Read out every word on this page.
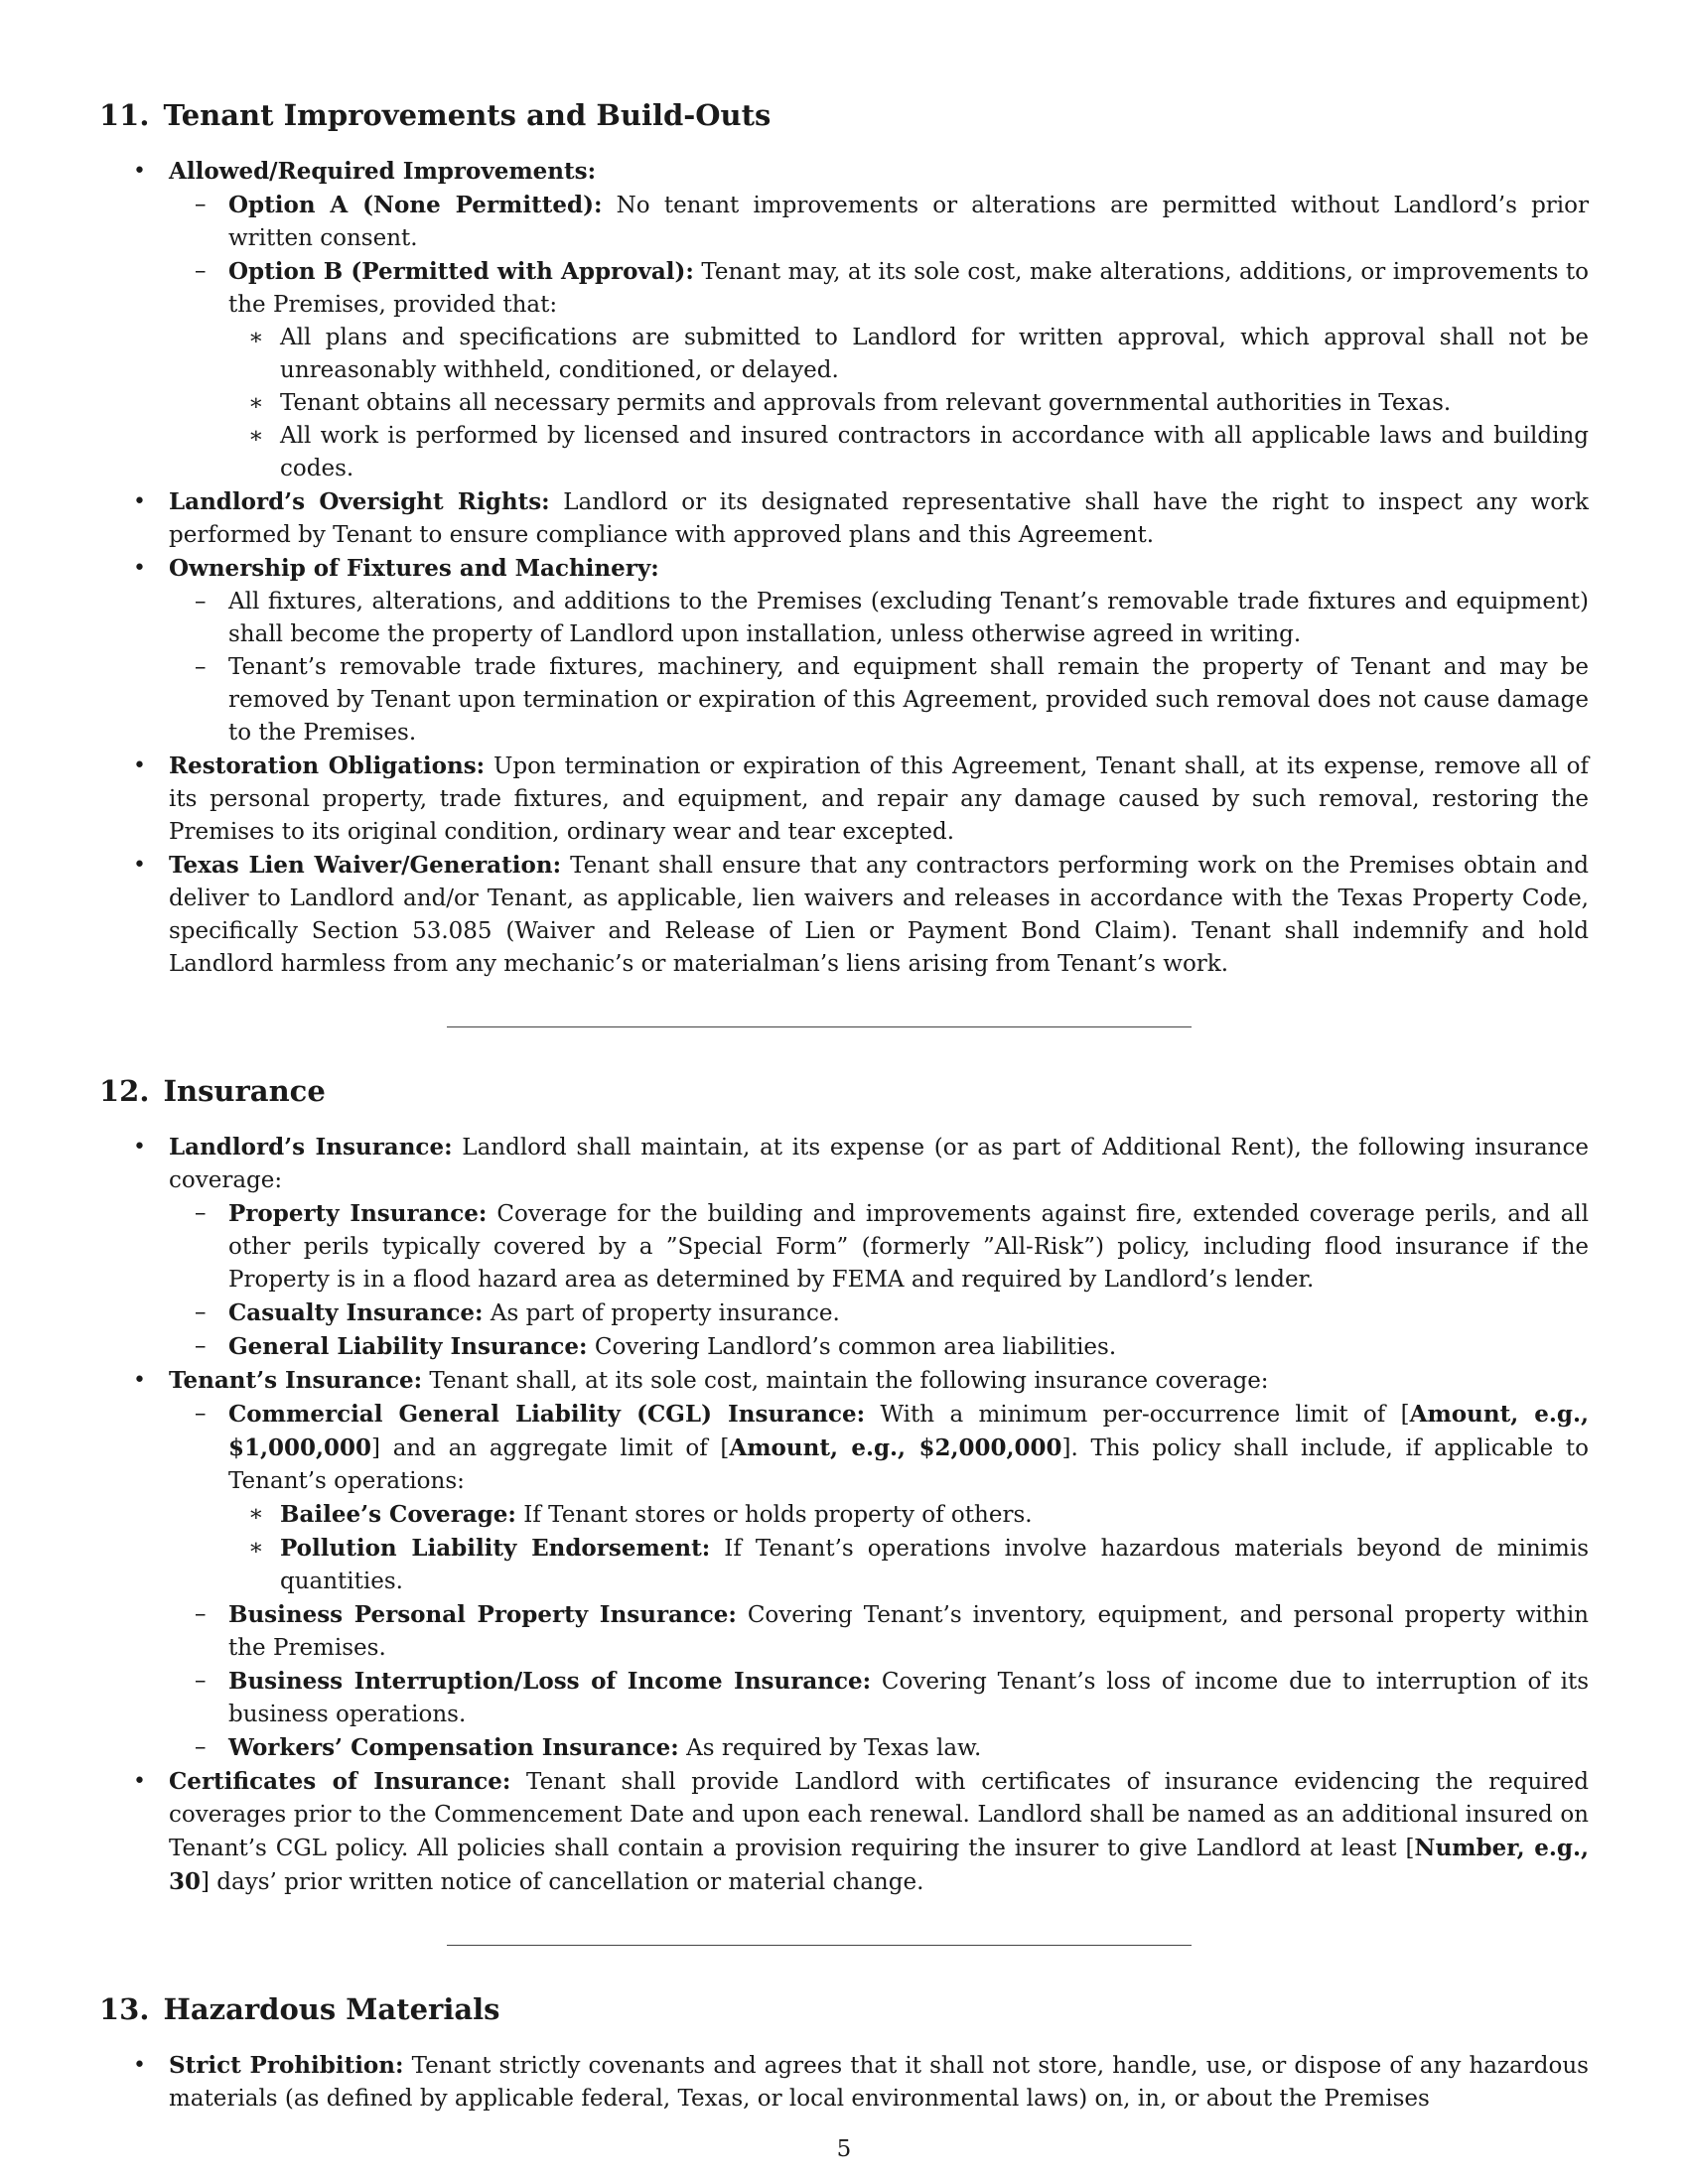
11. Tenant Improvements and Build-Outs
• Allowed/Required Improvements:

– Option A (None Permitted): No tenant improvements or alterations are permitted without Landlord’s prior written consent.

– Option B (Permitted with Approval): Tenant may, at its sole cost, make alterations, additions, or improvements to the Premises, provided that:

∗ All plans and specifications are submitted to Landlord for written approval, which approval shall not be unreasonably withheld, conditioned, or delayed.

∗ Tenant obtains all necessary permits and approvals from relevant governmental authorities in Texas.

∗ All work is performed by licensed and insured contractors in accordance with all applicable laws and building codes.

• Landlord’s Oversight Rights: Landlord or its designated representative shall have the right to inspect any work performed by Tenant to ensure compliance with approved plans and this Agreement.

• Ownership of Fixtures and Machinery:

– All fixtures, alterations, and additions to the Premises (excluding Tenant’s removable trade fixtures and equipment) shall become the property of Landlord upon installation, unless otherwise agreed in writing.

– Tenant’s removable trade fixtures, machinery, and equipment shall remain the property of Tenant and may be removed by Tenant upon termination or expiration of this Agreement, provided such removal does not cause damage to the Premises.

• Restoration Obligations: Upon termination or expiration of this Agreement, Tenant shall, at its expense, remove all of its personal property, trade fixtures, and equipment, and repair any damage caused by such removal, restoring the Premises to its original condition, ordinary wear and tear excepted.

• Texas Lien Waiver/Generation: Tenant shall ensure that any contractors performing work on the Premises obtain and deliver to Landlord and/or Tenant, as applicable, lien waivers and releases in accordance with the Texas Property Code, specifically Section 53.085 (Waiver and Release of Lien or Payment Bond Claim). Tenant shall indemnify and hold Landlord harmless from any mechanic’s or materialman’s liens arising from Tenant’s work.

12. Insurance
• Landlord’s Insurance: Landlord shall maintain, at its expense (or as part of Additional Rent), the following insurance coverage:

– Property Insurance: Coverage for the building and improvements against fire, extended coverage perils, and all other perils typically covered by a ”Special Form” (formerly ”All-Risk”) policy, including flood insurance if the Property is in a flood hazard area as determined by FEMA and required by Landlord’s lender.

– Casualty Insurance: As part of property insurance.

– General Liability Insurance: Covering Landlord’s common area liabilities.

• Tenant’s Insurance: Tenant shall, at its sole cost, maintain the following insurance coverage:

– Commercial General Liability (CGL) Insurance: With a minimum per-occurrence limit of [Amount, e.g., $1,000,000] and an aggregate limit of [Amount, e.g., $2,000,000]. This policy shall include, if applicable to Tenant’s operations:

∗ Bailee’s Coverage: If Tenant stores or holds property of others.

∗ Pollution Liability Endorsement: If Tenant’s operations involve hazardous materials beyond de minimis quantities.

– Business Personal Property Insurance: Covering Tenant’s inventory, equipment, and personal property within the Premises.

– Business Interruption/Loss of Income Insurance: Covering Tenant’s loss of income due to interruption of its business operations.

– Workers’ Compensation Insurance: As required by Texas law.

• Certificates of Insurance: Tenant shall provide Landlord with certificates of insurance evidencing the required coverages prior to the Commencement Date and upon each renewal. Landlord shall be named as an additional insured on Tenant’s CGL policy. All policies shall contain a provision requiring the insurer to give Landlord at least [Number, e.g., 30] days’ prior written notice of cancellation or material change.

13. Hazardous Materials
• Strict Prohibition: Tenant strictly covenants and agrees that it shall not store, handle, use, or dispose of any hazardous materials (as defined by applicable federal, Texas, or local environmental laws) on, in, or about the Premises

5
